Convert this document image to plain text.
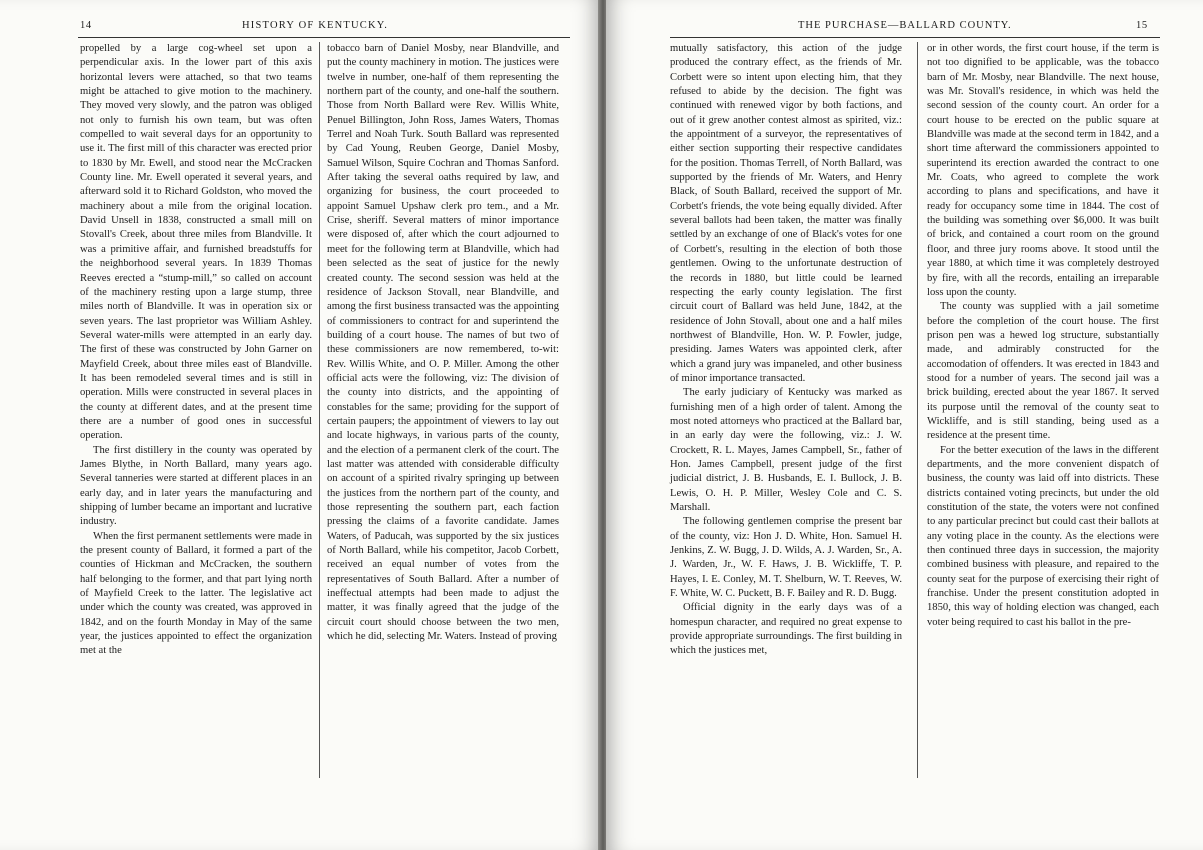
14	HISTORY OF KENTUCKY.

propelled by a large cog-wheel set upon a perpendicular axis. In the lower part of this axis horizontal levers were attached, so that two teams might be attached to give motion to the machinery. They moved very slowly, and the patron was obliged not only to furnish his own team, but was often compelled to wait several days for an opportunity to use it. The first mill of this character was erected prior to 1830 by Mr. Ewell, and stood near the McCracken County line. Mr. Ewell operated it several years, and afterward sold it to Richard Goldston, who moved the machinery about a mile from the original location. David Unsell in 1838, constructed a small mill on Stovall's Creek, about three miles from Blandville. It was a primitive affair, and furnished breadstuffs for the neighborhood several years. In 1839 Thomas Reeves erected a “stump-mill,” so called on account of the machinery resting upon a large stump, three miles north of Blandville. It was in operation six or seven years. The last proprietor was William Ashley. Several water-mills were attempted in an early day. The first of these was constructed by John Garner on Mayfield Creek, about three miles east of Blandville. It has been remodeled several times and is still in operation. Mills were constructed in several places in the county at different dates, and at the present time there are a number of good ones in successful operation.

The first distillery in the county was operated by James Blythe, in North Ballard, many years ago. Several tanneries were started at different places in an early day, and in later years the manufacturing and shipping of lumber became an important and lucrative industry.

When the first permanent settlements were made in the present county of Ballard, it formed a part of the counties of Hickman and McCracken, the southern half belonging to the former, and that part lying north of Mayfield Creek to the latter. The legislative act under which the county was created, was approved in 1842, and on the fourth Monday in May of the same year, the justices appointed to effect the organization met at the

tobacco barn of Daniel Mosby, near Blandville, and put the county machinery in motion. The justices were twelve in number, one-half of them representing the northern part of the county, and one-half the southern. Those from North Ballard were Rev. Willis White, Penuel Billington, John Ross, James Waters, Thomas Terrel and Noah Turk. South Ballard was represented by Cad Young, Reuben George, Daniel Mosby, Samuel Wilson, Squire Cochran and Thomas Sanford. After taking the several oaths required by law, and organizing for business, the court proceeded to appoint Samuel Upshaw clerk pro tem., and a Mr. Crise, sheriff. Several matters of minor importance were disposed of, after which the court adjourned to meet for the following term at Blandville, which had been selected as the seat of justice for the newly created county. The second session was held at the residence of Jackson Stovall, near Blandville, and among the first business transacted was the appointing of commissioners to contract for and superintend the building of a court house. The names of but two of these commissioners are now remembered, to-wit: Rev. Willis White, and O. P. Miller. Among the other official acts were the following, viz: The division of the county into districts, and the appointing of constables for the same; providing for the support of certain paupers; the appointment of viewers to lay out and locate highways, in various parts of the county, and the election of a permanent clerk of the court. The last matter was attended with considerable difficulty on account of a spirited rivalry springing up between the justices from the northern part of the county, and those representing the southern part, each faction pressing the claims of a favorite candidate. James Waters, of Paducah, was supported by the six justices of North Ballard, while his competitor, Jacob Corbett, received an equal number of votes from the representatives of South Ballard. After a number of ineffectual attempts had been made to adjust the matter, it was finally agreed that the judge of the circuit court should choose between the two men, which he did, selecting Mr. Waters. Instead of proving

THE PURCHASE—BALLARD COUNTY.	15

mutually satisfactory, this action of the judge produced the contrary effect, as the friends of Mr. Corbett were so intent upon electing him, that they refused to abide by the decision. The fight was continued with renewed vigor by both factions, and out of it grew another contest almost as spirited, viz.: the appointment of a surveyor, the representatives of either section supporting their respective candidates for the position. Thomas Terrell, of North Ballard, was supported by the friends of Mr. Waters, and Henry Black, of South Ballard, received the support of Mr. Corbett's friends, the vote being equally divided. After several ballots had been taken, the matter was finally settled by an exchange of one of Black's votes for one of Corbett's, resulting in the election of both those gentlemen. Owing to the unfortunate destruction of the records in 1880, but little could be learned respecting the early county legislation. The first circuit court of Ballard was held June, 1842, at the residence of John Stovall, about one and a half miles northwest of Blandville, Hon. W. P. Fowler, judge, presiding. James Waters was appointed clerk, after which a grand jury was impaneled, and other business of minor importance transacted.

The early judiciary of Kentucky was marked as furnishing men of a high order of talent. Among the most noted attorneys who practiced at the Ballard bar, in an early day were the following, viz.: J. W. Crockett, R. L. Mayes, James Campbell, Sr., father of Hon. James Campbell, present judge of the first judicial district, J. B. Husbands, E. I. Bullock, J. B. Lewis, O. H. P. Miller, Wesley Cole and C. S. Marshall.

The following gentlemen comprise the present bar of the county, viz: Hon J. D. White, Hon. Samuel H. Jenkins, Z. W. Bugg, J. D. Wilds, A. J. Warden, Sr., A. J. Warden, Jr., W. F. Haws, J. B. Wickliffe, T. P. Hayes, I. E. Conley, M. T. Shelburn, W. T. Reeves, W. F. White, W. C. Puckett, B. F. Bailey and R. D. Bugg.

Official dignity in the early days was of a homespun character, and required no great expense to provide appropriate surroundings. The first building in which the justices met,

or in other words, the first court house, if the term is not too dignified to be applicable, was the tobacco barn of Mr. Mosby, near Blandville. The next house, was Mr. Stovall's residence, in which was held the second session of the county court. An order for a court house to be erected on the public square at Blandville was made at the second term in 1842, and a short time afterward the commissioners appointed to superintend its erection awarded the contract to one Mr. Coats, who agreed to complete the work according to plans and specifications, and have it ready for occupancy some time in 1844. The cost of the building was something over $6,000. It was built of brick, and contained a court room on the ground floor, and three jury rooms above. It stood until the year 1880, at which time it was completely destroyed by fire, with all the records, entailing an irreparable loss upon the county.

The county was supplied with a jail sometime before the completion of the court house. The first prison pen was a hewed log structure, substantially made, and admirably constructed for the accomodation of offenders. It was erected in 1843 and stood for a number of years. The second jail was a brick building, erected about the year 1867. It served its purpose until the removal of the county seat to Wickliffe, and is still standing, being used as a residence at the present time.

For the better execution of the laws in the different departments, and the more convenient dispatch of business, the county was laid off into districts. These districts contained voting precincts, but under the old constitution of the state, the voters were not confined to any particular precinct but could cast their ballots at any voting place in the county. As the elections were then continued three days in succession, the majority combined business with pleasure, and repaired to the county seat for the purpose of exercising their right of franchise. Under the present constitution adopted in 1850, this way of holding election was changed, each voter being required to cast his ballot in the pre-
